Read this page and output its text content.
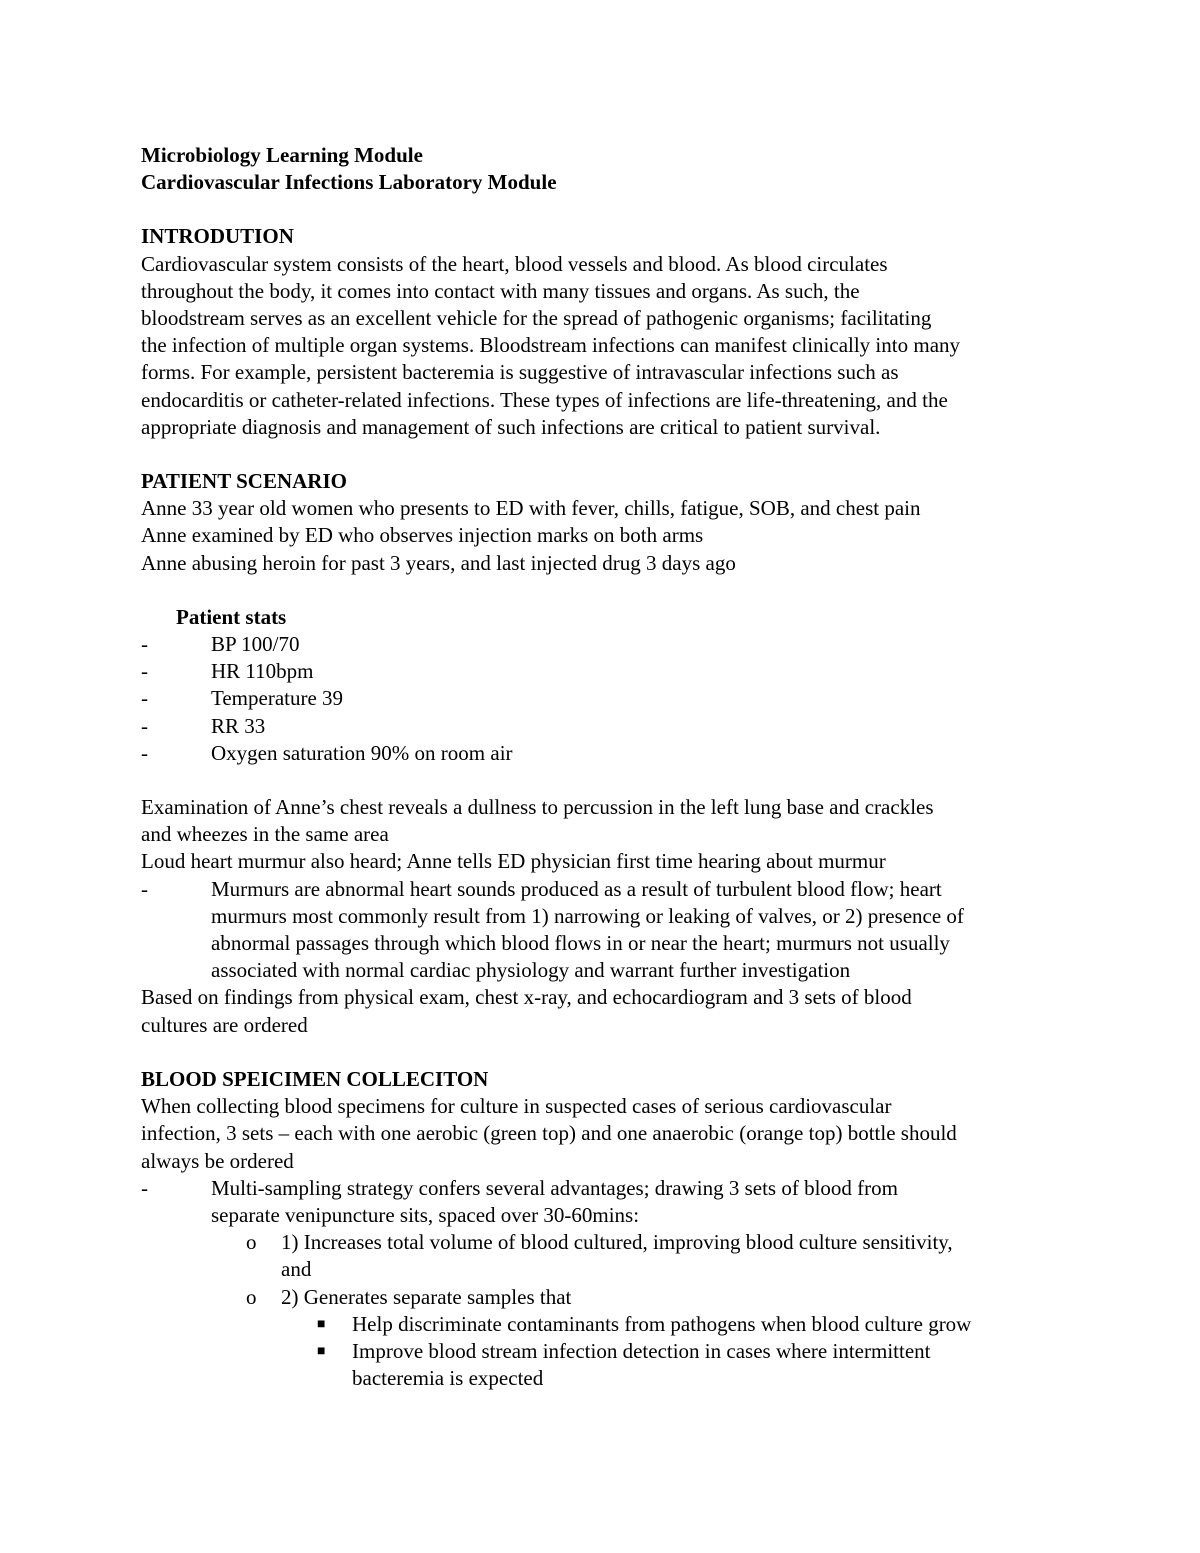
Microbiology Learning Module
Cardiovascular Infections Laboratory Module
INTRODUTION
Cardiovascular system consists of the heart, blood vessels and blood. As blood circulates
throughout the body, it comes into contact with many tissues and organs. As such, the
bloodstream serves as an excellent vehicle for the spread of pathogenic organisms; facilitating
the infection of multiple organ systems. Bloodstream infections can manifest clinically into many
forms. For example, persistent bacteremia is suggestive of intravascular infections such as
endocarditis or catheter-related infections. These types of infections are life-threatening, and the
appropriate diagnosis and management of such infections are critical to patient survival.
PATIENT SCENARIO
Anne 33 year old women who presents to ED with fever, chills, fatigue, SOB, and chest pain
Anne examined by ED who observes injection marks on both arms
Anne abusing heroin for past 3 years, and last injected drug 3 days ago
Patient stats
-	BP 100/70
-	HR 110bpm
-	Temperature 39
-	RR 33
-	Oxygen saturation 90% on room air
Examination of Anne’s chest reveals a dullness to percussion in the left lung base and crackles
and wheezes in the same area
Loud heart murmur also heard; Anne tells ED physician first time hearing about murmur
-	Murmurs are abnormal heart sounds produced as a result of turbulent blood flow; heart
murmurs most commonly result from 1) narrowing or leaking of valves, or 2) presence of
abnormal passages through which blood flows in or near the heart; murmurs not usually
associated with normal cardiac physiology and warrant further investigation
Based on findings from physical exam, chest x-ray, and echocardiogram and 3 sets of blood
cultures are ordered
BLOOD SPEICIMEN COLLECITON
When collecting blood specimens for culture in suspected cases of serious cardiovascular
infection, 3 sets – each with one aerobic (green top) and one anaerobic (orange top) bottle should
always be ordered
-	Multi-sampling strategy confers several advantages; drawing 3 sets of blood from
separate venipuncture sits, spaced over 30-60mins:
o	1) Increases total volume of blood cultured, improving blood culture sensitivity,
and
o	2) Generates separate samples that
■	Help discriminate contaminants from pathogens when blood culture grow
■	Improve blood stream infection detection in cases where intermittent
bacteremia is expected
